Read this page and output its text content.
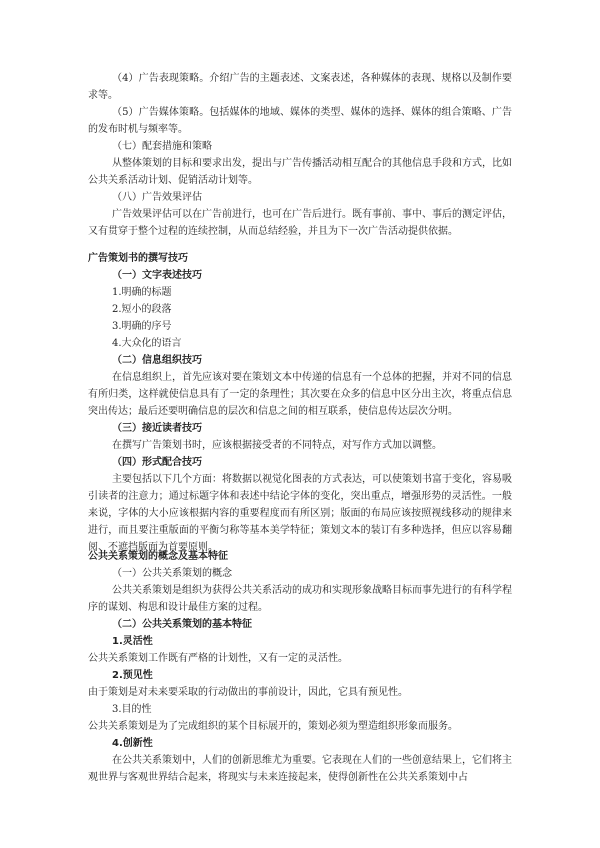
（4）广告表现策略。介绍广告的主题表述、文案表述，各种媒体的表现、规格以及制作要求等。

（5）广告媒体策略。包括媒体的地域、媒体的类型、媒体的选择、媒体的组合策略、广告的发布时机与频率等。

（七）配套措施和策略

从整体策划的目标和要求出发，提出与广告传播活动相互配合的其他信息手段和方式，比如公共关系活动计划、促销活动计划等。

（八）广告效果评估

广告效果评估可以在广告前进行，也可在广告后进行。既有事前、事中、事后的测定评估，又有贯穿于整个过程的连续控制，从而总结经验，并且为下一次广告活动提供依据。

广告策划书的撰写技巧

（一）文字表述技巧

1.明确的标题

2.短小的段落

3.明确的序号

4.大众化的语言

（二）信息组织技巧

在信息组织上，首先应该对要在策划文本中传递的信息有一个总体的把握，并对不同的信息有所归类，这样就使信息具有了一定的条理性；其次要在众多的信息中区分出主次，将重点信息突出传达；最后还要明确信息的层次和信息之间的相互联系，使信息传达层次分明。

（三）接近读者技巧

在撰写广告策划书时，应该根据接受者的不同特点，对写作方式加以调整。

（四）形式配合技巧

主要包括以下几个方面：将数据以视觉化图表的方式表达，可以使策划书富于变化，容易吸引读者的注意力；通过标题字体和表述中结论字体的变化，突出重点，增强形势的灵活性。一般来说，字体的大小应该根据内容的重要程度而有所区别；版面的布局应该按照视线移动的规律来进行，而且要注重版面的平衡匀称等基本美学特征；策划文本的装订有多种选择，但应以容易翻阅、不遮挡版面为首要原则。

公共关系策划的概念及基本特征

（一）公共关系策划的概念

公共关系策划是组织为获得公共关系活动的成功和实现形象战略目标而事先进行的有科学程序的谋划、构思和设计最佳方案的过程。

（二）公共关系策划的基本特征

1.灵活性

公共关系策划工作既有严格的计划性，又有一定的灵活性。

2.预见性

由于策划是对未来要采取的行动做出的事前设计，因此，它具有预见性。

3.目的性

公共关系策划是为了完成组织的某个目标展开的，策划必须为塑造组织形象而服务。

4.创新性

在公共关系策划中，人们的创新思维尤为重要。它表现在人们的一些创意结果上，它们将主观世界与客观世界结合起来，将现实与未来连接起来，使得创新性在公共关系策划中占
